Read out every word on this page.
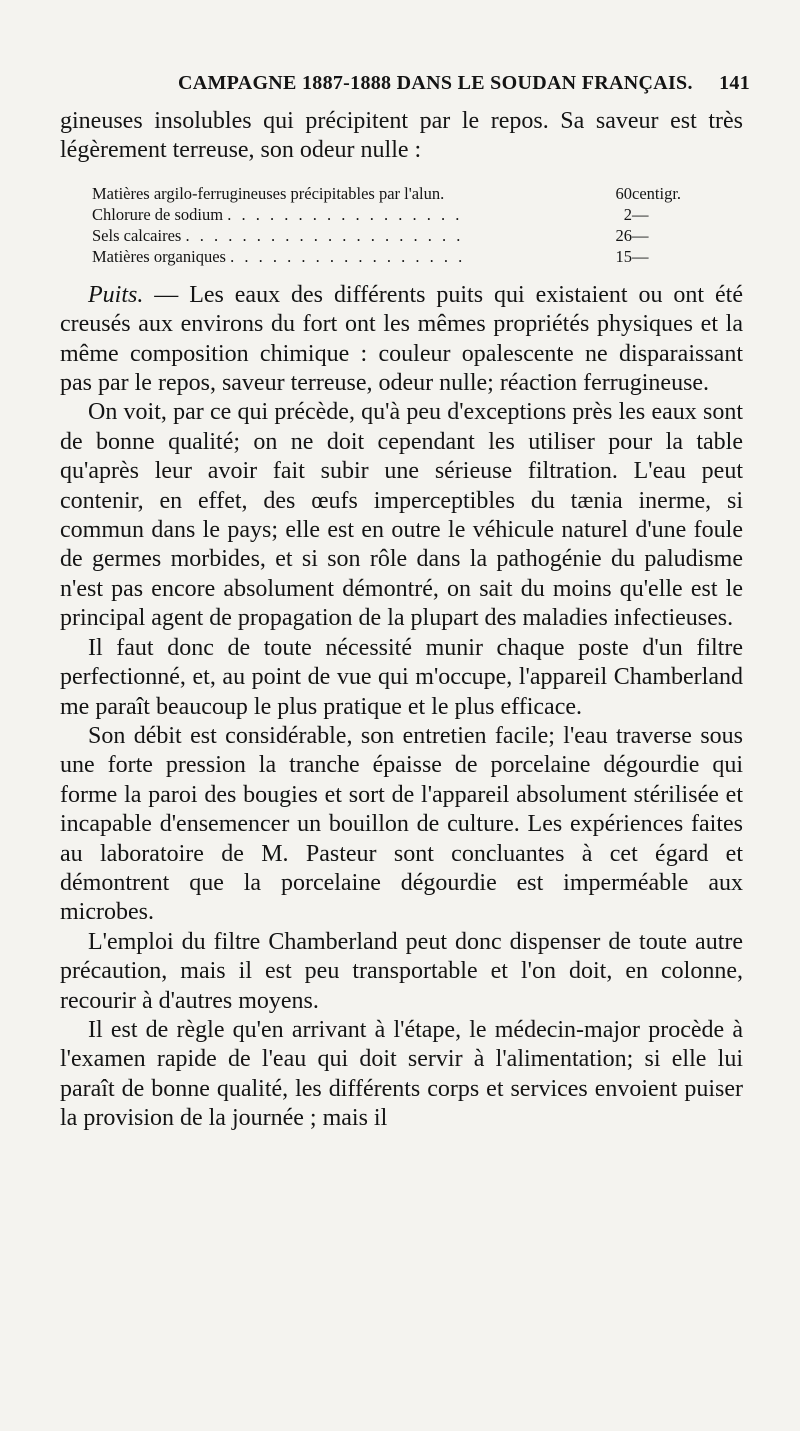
CAMPAGNE 1887-1888 DANS LE SOUDAN FRANÇAIS. 141

gineuses insolubles qui précipitent par le repos. Sa saveur est très légèrement terreuse, son odeur nulle :

Matières argilo-ferrugineuses précipitables par l'alun.	60	centigr.
Chlorure de sodium . . . . . . . . . . . . . . . . .	2	—
Sels calcaires . . . . . . . . . . . . . . . . . . . .	26	—
Matières organiques . . . . . . . . . . . . . . . . .	15	—

Puits. — Les eaux des différents puits qui existaient ou ont été creusés aux environs du fort ont les mêmes propriétés physiques et la même composition chimique : couleur opalescente ne disparaissant pas par le repos, saveur terreuse, odeur nulle; réaction ferrugineuse.

On voit, par ce qui précède, qu'à peu d'exceptions près les eaux sont de bonne qualité; on ne doit cependant les utiliser pour la table qu'après leur avoir fait subir une sérieuse filtration. L'eau peut contenir, en effet, des œufs imperceptibles du tænia inerme, si commun dans le pays; elle est en outre le véhicule naturel d'une foule de germes morbides, et si son rôle dans la pathogénie du paludisme n'est pas encore absolument démontré, on sait du moins qu'elle est le principal agent de propagation de la plupart des maladies infectieuses.

Il faut donc de toute nécessité munir chaque poste d'un filtre perfectionné, et, au point de vue qui m'occupe, l'appareil Chamberland me paraît beaucoup le plus pratique et le plus efficace.

Son débit est considérable, son entretien facile; l'eau traverse sous une forte pression la tranche épaisse de porcelaine dégourdie qui forme la paroi des bougies et sort de l'appareil absolument stérilisée et incapable d'ensemencer un bouillon de culture. Les expériences faites au laboratoire de M. Pasteur sont concluantes à cet égard et démontrent que la porcelaine dégourdie est imperméable aux microbes.

L'emploi du filtre Chamberland peut donc dispenser de toute autre précaution, mais il est peu transportable et l'on doit, en colonne, recourir à d'autres moyens.

Il est de règle qu'en arrivant à l'étape, le médecin-major procède à l'examen rapide de l'eau qui doit servir à l'alimentation; si elle lui paraît de bonne qualité, les différents corps et services envoient puiser la provision de la journée ; mais il
